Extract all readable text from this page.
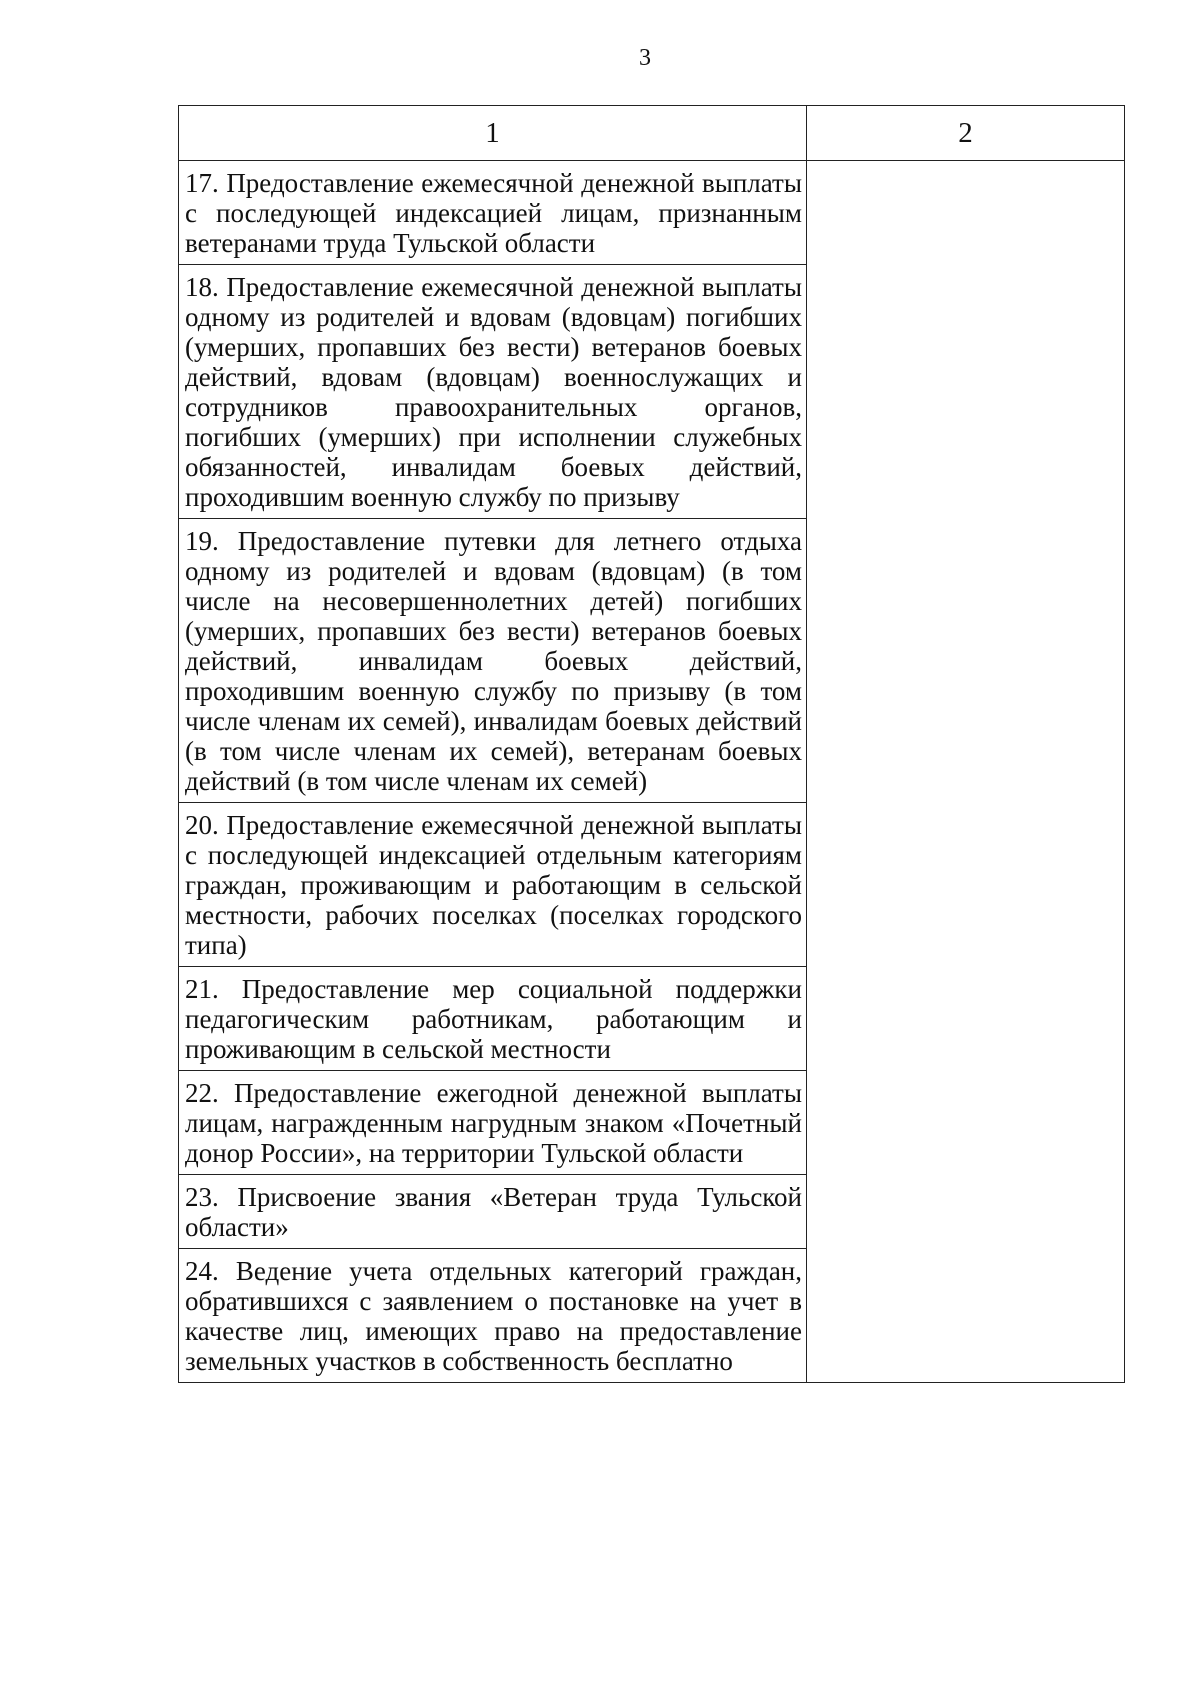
3
1	2

17. Предоставление ежемесячной денежной выплаты с последующей индексацией лицам, признанным ветеранами труда Тульской области	

18. Предоставление ежемесячной денежной выплаты одному из родителей и вдовам (вдовцам) погибших (умерших, пропавших без вести) ветеранов боевых действий, вдовам (вдовцам) военнослужащих и сотрудников правоохранительных органов, погибших (умерших) при исполнении служебных обязанностей, инвалидам боевых действий, проходившим военную службу по призыву	

19. Предоставление путевки для летнего отдыха одному из родителей и вдовам (вдовцам) (в том числе на несовершеннолетних детей) погибших (умерших, пропавших без вести) ветеранов боевых действий, инвалидам боевых действий, проходившим военную службу по призыву (в том числе членам их семей), инвалидам боевых действий (в том числе членам их семей), ветеранам боевых действий (в том числе членам их семей)	

20. Предоставление ежемесячной денежной выплаты с последующей индексацией отдельным категориям граждан, проживающим и работающим в сельской местности, рабочих поселках (поселках городского типа)	

21. Предоставление мер социальной поддержки педагогическим работникам, работающим и проживающим в сельской местности	

22. Предоставление ежегодной денежной выплаты лицам, награжденным нагрудным знаком «Почетный донор России», на территории Тульской области	

23. Присвоение звания «Ветеран труда Тульской области»	

24. Ведение учета отдельных категорий граждан, обратившихся с заявлением о постановке на учет в качестве лиц, имеющих право на предоставление земельных участков в собственность бесплатно	
